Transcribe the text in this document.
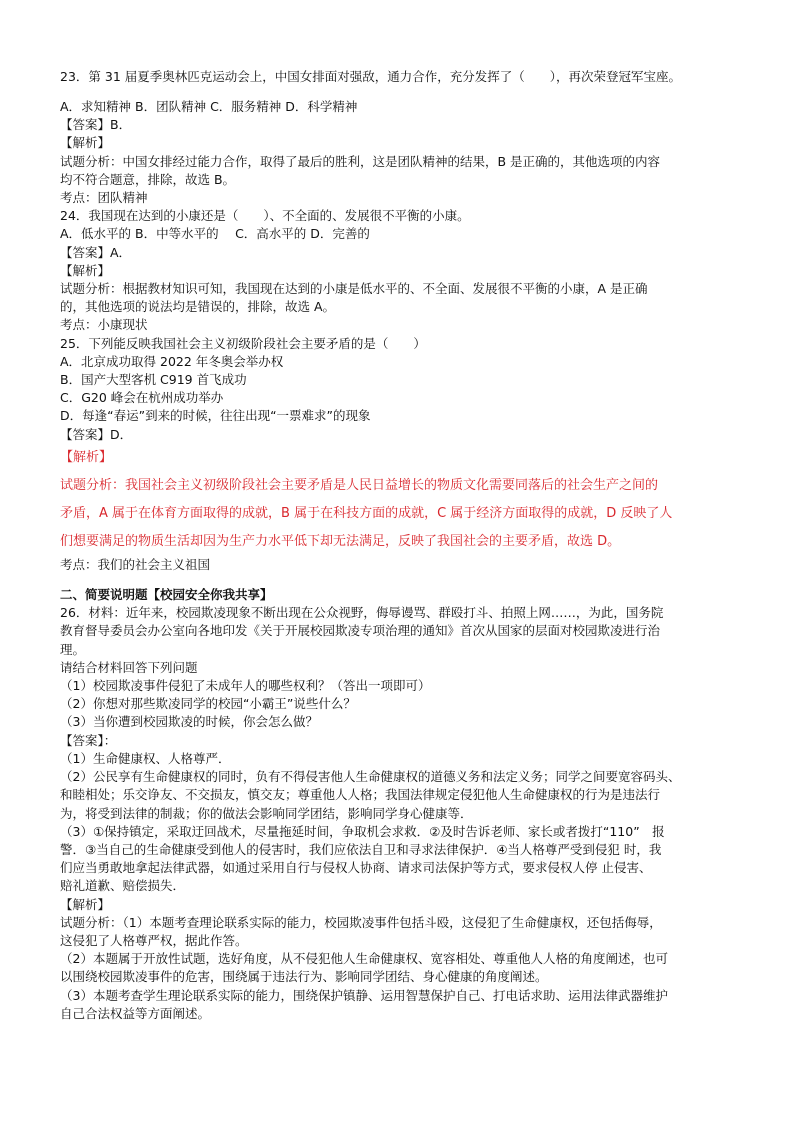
23．第 31 届夏季奥林匹克运动会上，中国女排面对强敌，通力合作，充分发挥了（　　），再次荣登冠军宝座。
A．求知精神 B．团队精神 C．服务精神 D．科学精神
【答案】B．
【解析】
试题分析：中国女排经过能力合作，取得了最后的胜利，这是团队精神的结果，B 是正确的，其他选项的内容
均不符合题意，排除，故选 B。
考点：团队精神
24．我国现在达到的小康还是（　　）、不全面的、发展很不平衡的小康。
A．低水平的 B．中等水平的　 C．高水平的 D．完善的
【答案】A．
【解析】
试题分析：根据教材知识可知，我国现在达到的小康是低水平的、不全面、发展很不平衡的小康，A 是正确
的，其他选项的说法均是错误的，排除，故选 A。
考点：小康现状
25．下列能反映我国社会主义初级阶段社会主要矛盾的是（　　）
A．北京成功取得 2022 年冬奥会举办权
B．国产大型客机 C919 首飞成功
C．G20 峰会在杭州成功举办
D．每逢“春运”到来的时候，往往出现“一票难求”的现象
【答案】D．
【解析】
试题分析：我国社会主义初级阶段社会主要矛盾是人民日益增长的物质文化需要同落后的社会生产之间的
矛盾，A 属于在体育方面取得的成就，B 属于在科技方面的成就，C 属于经济方面取得的成就，D 反映了人
们想要满足的物质生活却因为生产力水平低下却无法满足，反映了我国社会的主要矛盾，故选 D。
考点：我们的社会主义祖国
二、简要说明题【校园安全你我共享】
26．材料：近年来，校园欺凌现象不断出现在公众视野，侮辱谩骂、群殴打斗、拍照上网……，为此，国务院
教育督导委员会办公室向各地印发《关于开展校园欺凌专项治理的通知》首次从国家的层面对校园欺凌进行治
理。
请结合材料回答下列问题
（1）校园欺凌事件侵犯了未成年人的哪些权利？（答出一项即可）
（2）你想对那些欺凌同学的校园“小霸王”说些什么？
（3）当你遭到校园欺凌的时候，你会怎么做？
【答案】：
（1）生命健康权、人格尊严．
（2）公民享有生命健康权的同时，负有不得侵害他人生命健康权的道德义务和法定义务；同学之间要宽容码头、
和睦相处；乐交诤友、不交损友，慎交友；尊重他人人格；我国法律规定侵犯他人生命健康权的行为是违法行
为，将受到法律的制裁；你的做法会影响同学团结，影响同学身心健康等．
（3）①保持镇定，采取迂回战术，尽量拖延时间，争取机会求救．②及时告诉老师、家长或者拨打“110”　报
警．③当自己的生命健康受到他人的侵害时，我们应依法自卫和寻求法律保护．④当人格尊严受到侵犯 时，我
们应当勇敢地拿起法律武器，如通过采用自行与侵权人协商、请求司法保护等方式，要求侵权人停 止侵害、
赔礼道歉、赔偿损失．
【解析】
试题分析：（1）本题考查理论联系实际的能力，校园欺凌事件包括斗殴，这侵犯了生命健康权，还包括侮辱，
这侵犯了人格尊严权，据此作答。
（2）本题属于开放性试题，选好角度，从不侵犯他人生命健康权、宽容相处、尊重他人人格的角度阐述，也可
以围绕校园欺凌事件的危害，围绕属于违法行为、影响同学团结、身心健康的角度阐述。
（3）本题考查学生理论联系实际的能力，围绕保护镇静、运用智慧保护自己、打电话求助、运用法律武器维护
自己合法权益等方面阐述。
